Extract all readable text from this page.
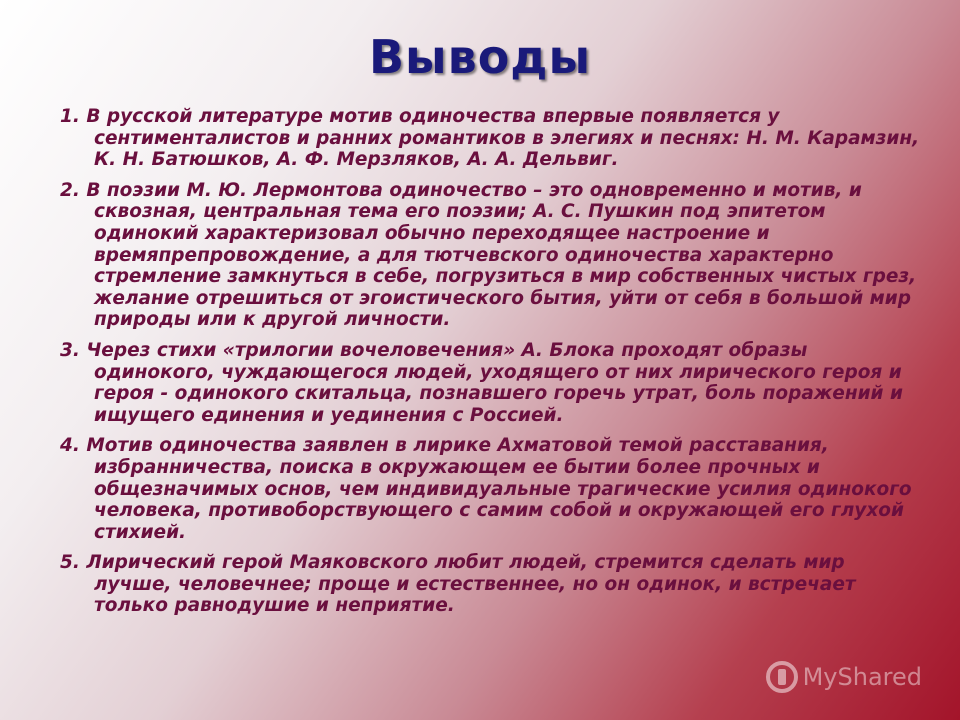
Выводы
1. В русской литературе мотив одиночества впервые появляется у сентименталистов и ранних романтиков в элегиях и песнях: Н. М. Карамзин, К. Н. Батюшков, А. Ф. Мерзляков, А. А. Дельвиг.
2. В поэзии М. Ю. Лермонтова одиночество – это одновременно и мотив, и сквозная, центральная тема его поэзии; А. С. Пушкин под эпитетом одинокий характеризовал обычно переходящее настроение и времяпрепровождение, а для тютчевского одиночества характерно стремление замкнуться в себе, погрузиться в мир собственных чистых грез, желание отрешиться от эгоистического бытия, уйти от себя в большой мир природы или к другой личности.
3. Через стихи «трилогии вочеловечения» А. Блока проходят образы одинокого, чуждающегося людей, уходящего от них лирического героя и героя - одинокого скитальца, познавшего горечь утрат, боль поражений и ищущего единения и уединения с Россией.
4. Мотив одиночества заявлен в лирике Ахматовой темой расставания, избранничества, поиска в окружающем ее бытии более прочных и общезначимых основ, чем индивидуальные трагические усилия одинокого человека, противоборствующего с самим собой и окружающей его глухой стихией.
5. Лирический герой Маяковского любит людей, стремится сделать мир лучше, человечнее; проще и естественнее, но он одинок, и встречает только равнодушие и неприятие.
MyShared
